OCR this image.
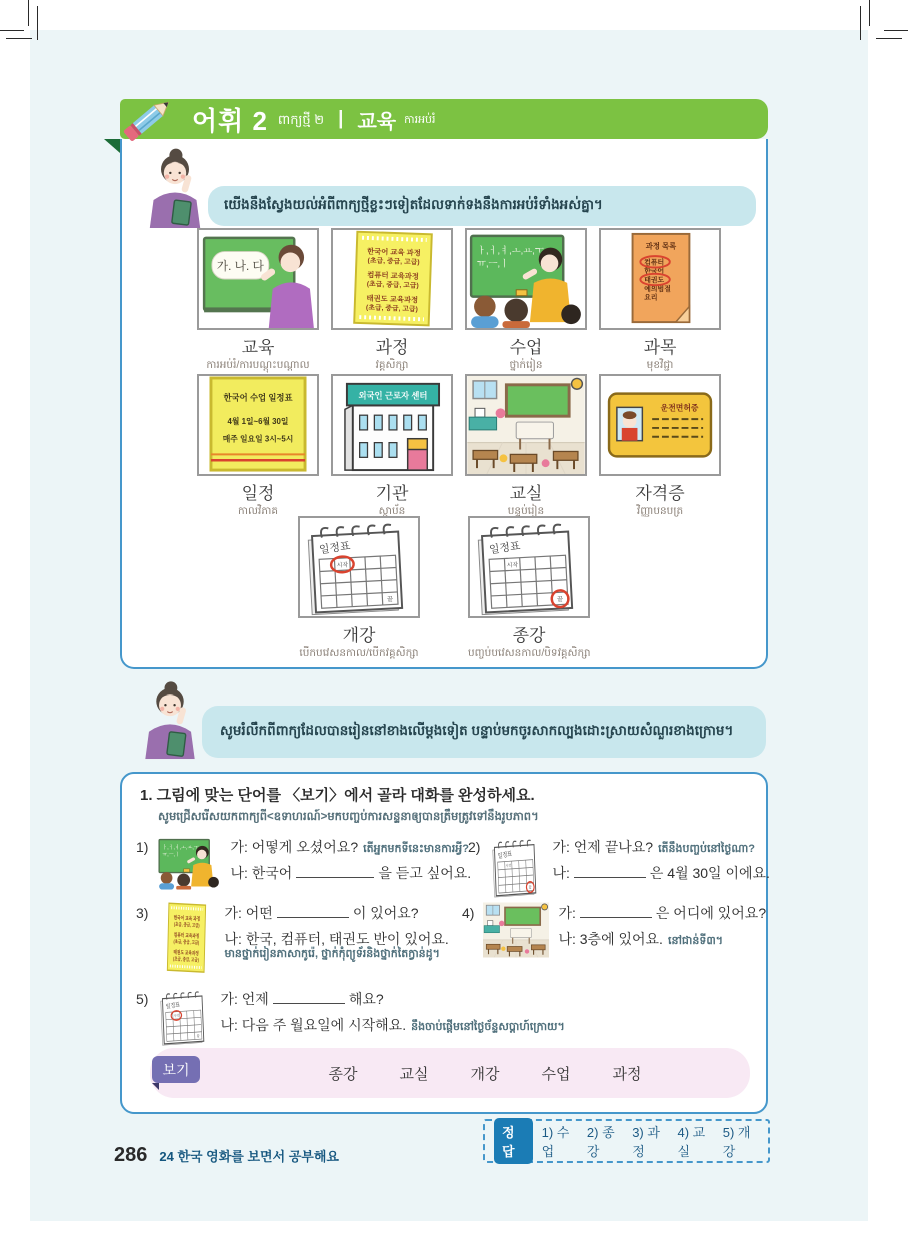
어휘 2 ពាក្យថ្មី ២ | 교육 ការអប់រំ
យើងនឹងស្វែងយល់អំពីពាក្យថ្មីខ្លះៗទៀតដែលទាក់ទងនឹងការអប់រំទាំងអស់គ្នា។
교육
ការអប់រំ/ការបណ្ដុះបណ្ដាល
과정
វគ្គសិក្សា
수업
ថ្នាក់រៀន
과목
មុខវិជ្ជា
일정
កាលវិភាគ
기관
ស្ថាប័ន
교실
បន្ទប់រៀន
자격증
វិញ្ញាបនបត្រ
개강
បើកបវេសនកាល/បើកវគ្គសិក្សា
종강
បញ្ចប់បវេសនកាល/បិទវគ្គសិក្សា
សូមរំលឹកពីពាក្យដែលបានរៀននៅខាងលើម្ដងទៀត បន្ទាប់មកចូរសាកល្បងដោះស្រាយសំណួរខាងក្រោម។
1. 그림에 맞는 단어를 〈보기〉에서 골라 대화를 완성하세요.
សូមជ្រើសរើសយកពាក្យពី<ឧទាហរណ៍>មកបញ្ចប់ការសន្ទនាឲ្យបានត្រឹមត្រូវទៅនឹងរូបភាព។
1)	가: 어떻게 오셨어요? តើអ្នកមកទីនេះមានការអ្វី?
나: 한국어	을 듣고 싶어요.
2)	가: 언제 끝나요? តើនឹងបញ្ចប់នៅថ្ងៃណា?
나:	은 4월 30일 이에요.
3)	가: 어떤	이 있어요?
나: 한국, 컴퓨터, 태권도 반이 있어요.
មានថ្នាក់រៀនភាសាកូរ៉េ, ថ្នាក់កុំព្យូទ័រនិងថ្នាក់តៃក្វាន់ដូ។
4)	가:	은 어디에 있어요?
나: 3층에 있어요. នៅជាន់ទី៣។
5)	가: 언제	해요?
나: 다음 주 월요일에 시작해요. នឹងចាប់ផ្ដើមនៅថ្ងៃច័ន្ទសប្ដាហ៍ក្រោយ។
종강	교실	개강	수업	과정
보기
정답
1) 수업
2) 종강
3) 과정
4) 교실
5) 개강
286 24 한국 영화를 보면서 공부해요
